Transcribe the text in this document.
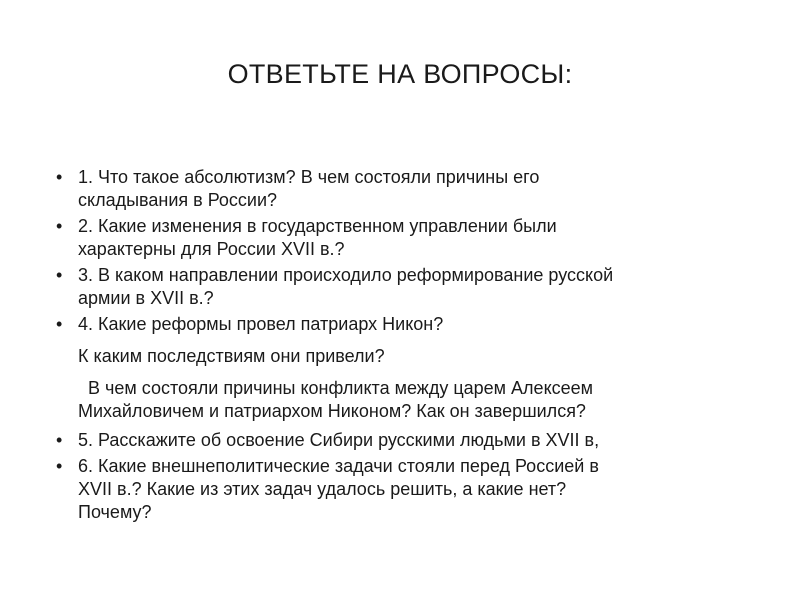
ОТВЕТЬТЕ НА ВОПРОСЫ:
• 1. Что такое абсолютизм? В чем состояли причины его
складывания в России?
• 2. Какие изменения в государственном управлении были
характерны для России XVII в.?
• 3. В каком направлении происходило реформирование русской
армии в XVII в.?
• 4. Какие реформы провел патриарх Никон?
К каким последствиям они привели?
В чем состояли причины конфликта между царем Алексеем
Михайловичем и патриархом Никоном? Как он завершился?
• 5. Расскажите об освоение Сибири русскими людьми в XVII в,
• 6. Какие внешнеполитические задачи стояли перед Россией в
XVII в.? Какие из этих задач удалось решить, а какие нет?
Почему?
